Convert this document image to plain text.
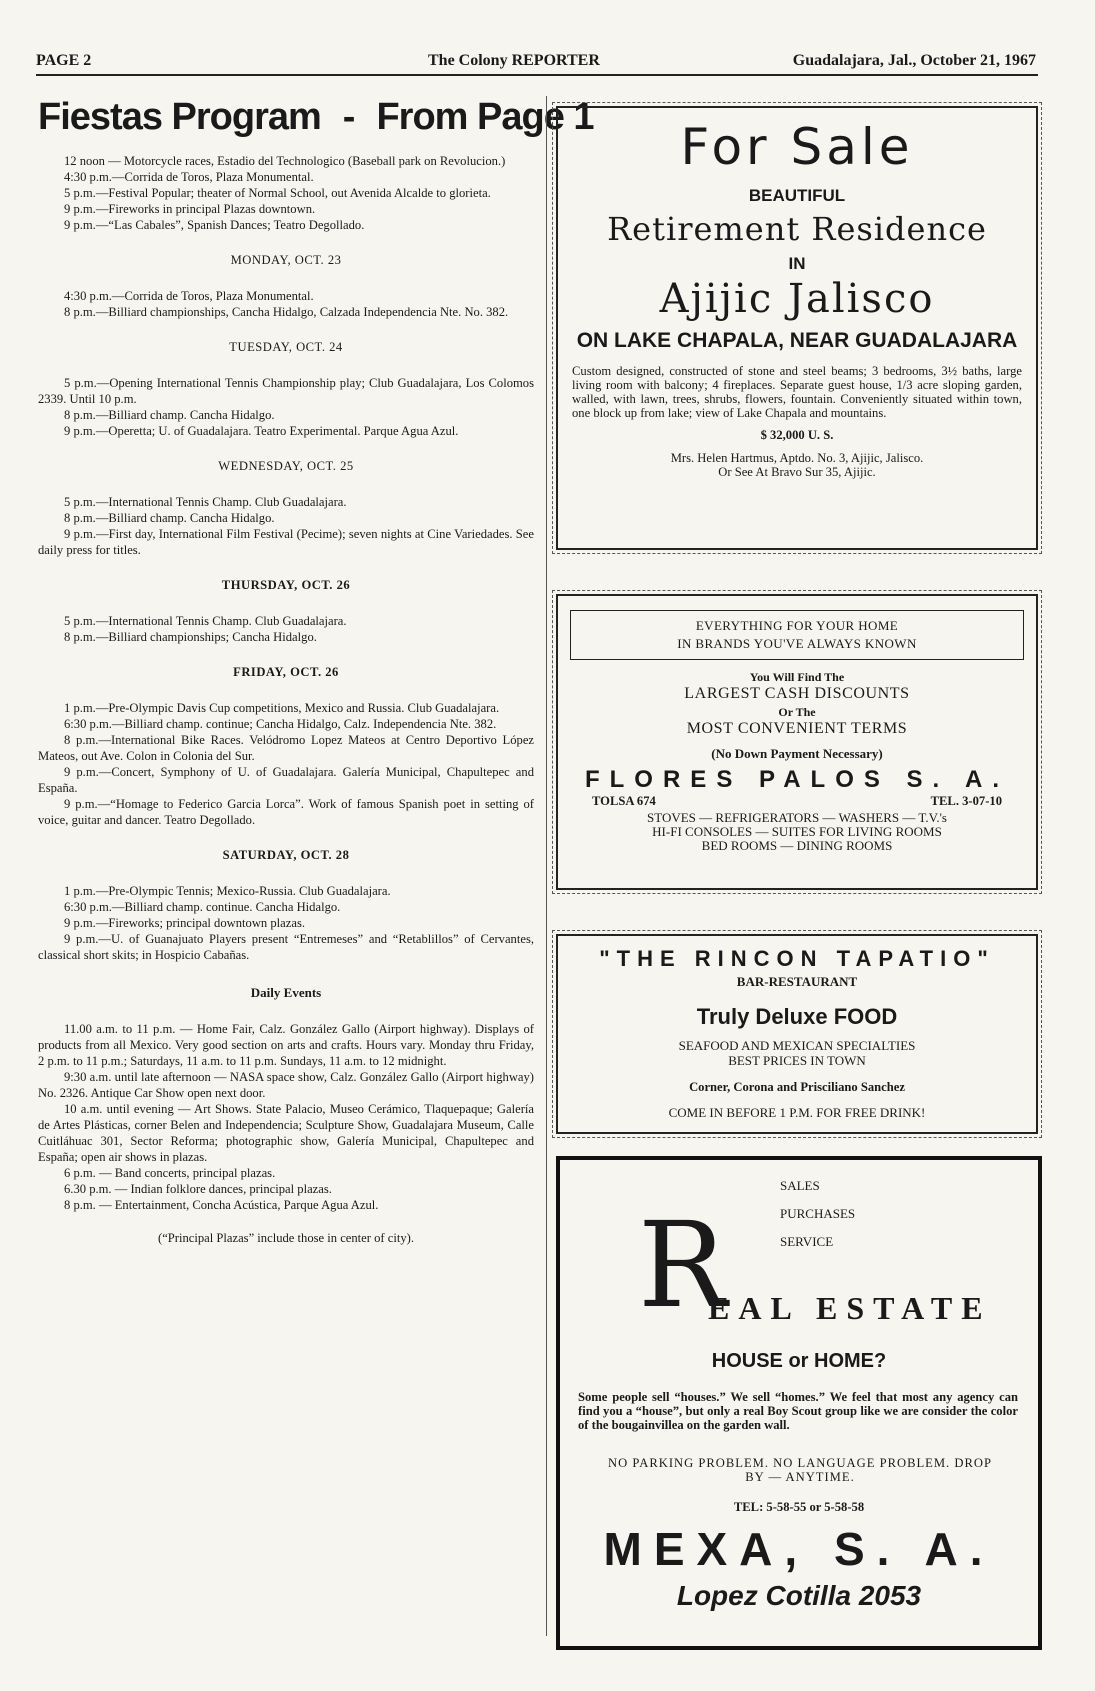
PAGE 2	The Colony REPORTER	Guadalajara, Jal., October 21, 1967
Fiestas Program - From Page 1

12 noon — Motorcycle races, Estadio del Technologico (Baseball park on Revolucion.)

4:30 p.m.—Corrida de Toros, Plaza Monumental.

5 p.m.—Festival Popular; theater of Normal School, out Avenida Alcalde to glorieta.

9 p.m.—Fireworks in principal Plazas downtown.

9 p.m.—“Las Cabales”, Spanish Dances; Teatro Degollado.

MONDAY, OCT. 23

4:30 p.m.—Corrida de Toros, Plaza Monumental.

8 p.m.—Billiard championships, Cancha Hidalgo, Calzada Independencia Nte. No. 382.

TUESDAY, OCT. 24

5 p.m.—Opening International Tennis Championship play; Club Guadalajara, Los Colomos 2339. Until 10 p.m.

8 p.m.—Billiard champ. Cancha Hidalgo.

9 p.m.—Operetta; U. of Guadalajara. Teatro Experimental. Parque Agua Azul.

WEDNESDAY, OCT. 25

5 p.m.—International Tennis Champ. Club Guadalajara.

8 p.m.—Billiard champ. Cancha Hidalgo.

9 p.m.—First day, International Film Festival (Pecime); seven nights at Cine Variedades. See daily press for titles.

THURSDAY, OCT. 26

5 p.m.—International Tennis Champ. Club Guadalajara.

8 p.m.—Billiard championships; Cancha Hidalgo.

FRIDAY, OCT. 26

1 p.m.—Pre-Olympic Davis Cup competitions, Mexico and Russia. Club Guadalajara.

6:30 p.m.—Billiard champ. continue; Cancha Hidalgo, Calz. Independencia Nte. 382.

8 p.m.—International Bike Races. Velódromo Lopez Mateos at Centro Deportivo López Mateos, out Ave. Colon in Colonia del Sur.

9 p.m.—Concert, Symphony of U. of Guadalajara. Galería Municipal, Chapultepec and España.

9 p.m.—“Homage to Federico Garcia Lorca”. Work of famous Spanish poet in setting of voice, guitar and dancer. Teatro Degollado.

SATURDAY, OCT. 28

1 p.m.—Pre-Olympic Tennis; Mexico-Russia. Club Guadalajara.

6:30 p.m.—Billiard champ. continue. Cancha Hidalgo.

9 p.m.—Fireworks; principal downtown plazas.

9 p.m.—U. of Guanajuato Players present “Entremeses” and “Retablillos” of Cervantes, classical short skits; in Hospicio Cabañas.

Daily Events

11.00 a.m. to 11 p.m. — Home Fair, Calz. González Gallo (Airport highway). Displays of products from all Mexico. Very good section on arts and crafts. Hours vary. Monday thru Friday, 2 p.m. to 11 p.m.; Saturdays, 11 a.m. to 11 p.m. Sundays, 11 a.m. to 12 midnight.

9:30 a.m. until late afternoon — NASA space show, Calz. González Gallo (Airport highway) No. 2326. Antique Car Show open next door.

10 a.m. until evening — Art Shows. State Palacio, Museo Cerámico, Tlaquepaque; Galería de Artes Plásticas, corner Belen and Independencia; Sculpture Show, Guadalajara Museum, Calle Cuitláhuac 301, Sector Reforma; photographic show, Galería Municipal, Chapultepec and España; open air shows in plazas.

6 p.m. — Band concerts, principal plazas.

6.30 p.m. — Indian folklore dances, principal plazas.

8 p.m. — Entertainment, Concha Acústica, Parque Agua Azul.

(“Principal Plazas” include those in center of city).
For Sale
BEAUTIFUL
Retirement Residence
IN
Ajijic Jalisco
ON LAKE CHAPALA, NEAR GUADALAJARA
Custom designed, constructed of stone and steel beams; 3 bedrooms, 3½ baths, large living room with balcony; 4 fireplaces. Separate guest house, 1/3 acre sloping garden, walled, with lawn, trees, shrubs, flowers, fountain. Conveniently situated within town, one block up from lake; view of Lake Chapala and mountains.
$ 32,000 U. S.
Mrs. Helen Hartmus, Aptdo. No. 3, Ajijic, Jalisco.
Or See At Bravo Sur 35, Ajijic.
EVERYTHING FOR YOUR HOME
IN BRANDS YOU'VE ALWAYS KNOWN
You Will Find The
LARGEST CASH DISCOUNTS
Or The
MOST CONVENIENT TERMS
(No Down Payment Necessary)
FLORES PALOS S. A.
TOLSA 674	TEL. 3-07-10
STOVES — REFRIGERATORS — WASHERS — T.V.'s
HI-FI CONSOLES — SUITES FOR LIVING ROOMS
BED ROOMS — DINING ROOMS
"THE RINCON TAPATIO"
BAR-RESTAURANT
Truly Deluxe FOOD
SEAFOOD AND MEXICAN SPECIALTIES
BEST PRICES IN TOWN
Corner, Corona and Prisciliano Sanchez
COME IN BEFORE 1 P.M. FOR FREE DRINK!
SALES
PURCHASES
SERVICE
R
EAL ESTATE
HOUSE or HOME?
Some people sell “houses.” We sell “homes.” We feel that most any agency can find you a “house”, but only a real Boy Scout group like we are consider the color of the bougainvillea on the garden wall.
NO PARKING PROBLEM. NO LANGUAGE PROBLEM. DROP BY — ANYTIME.
TEL: 5-58-55 or 5-58-58
MEXA, S. A.
Lopez Cotilla 2053
